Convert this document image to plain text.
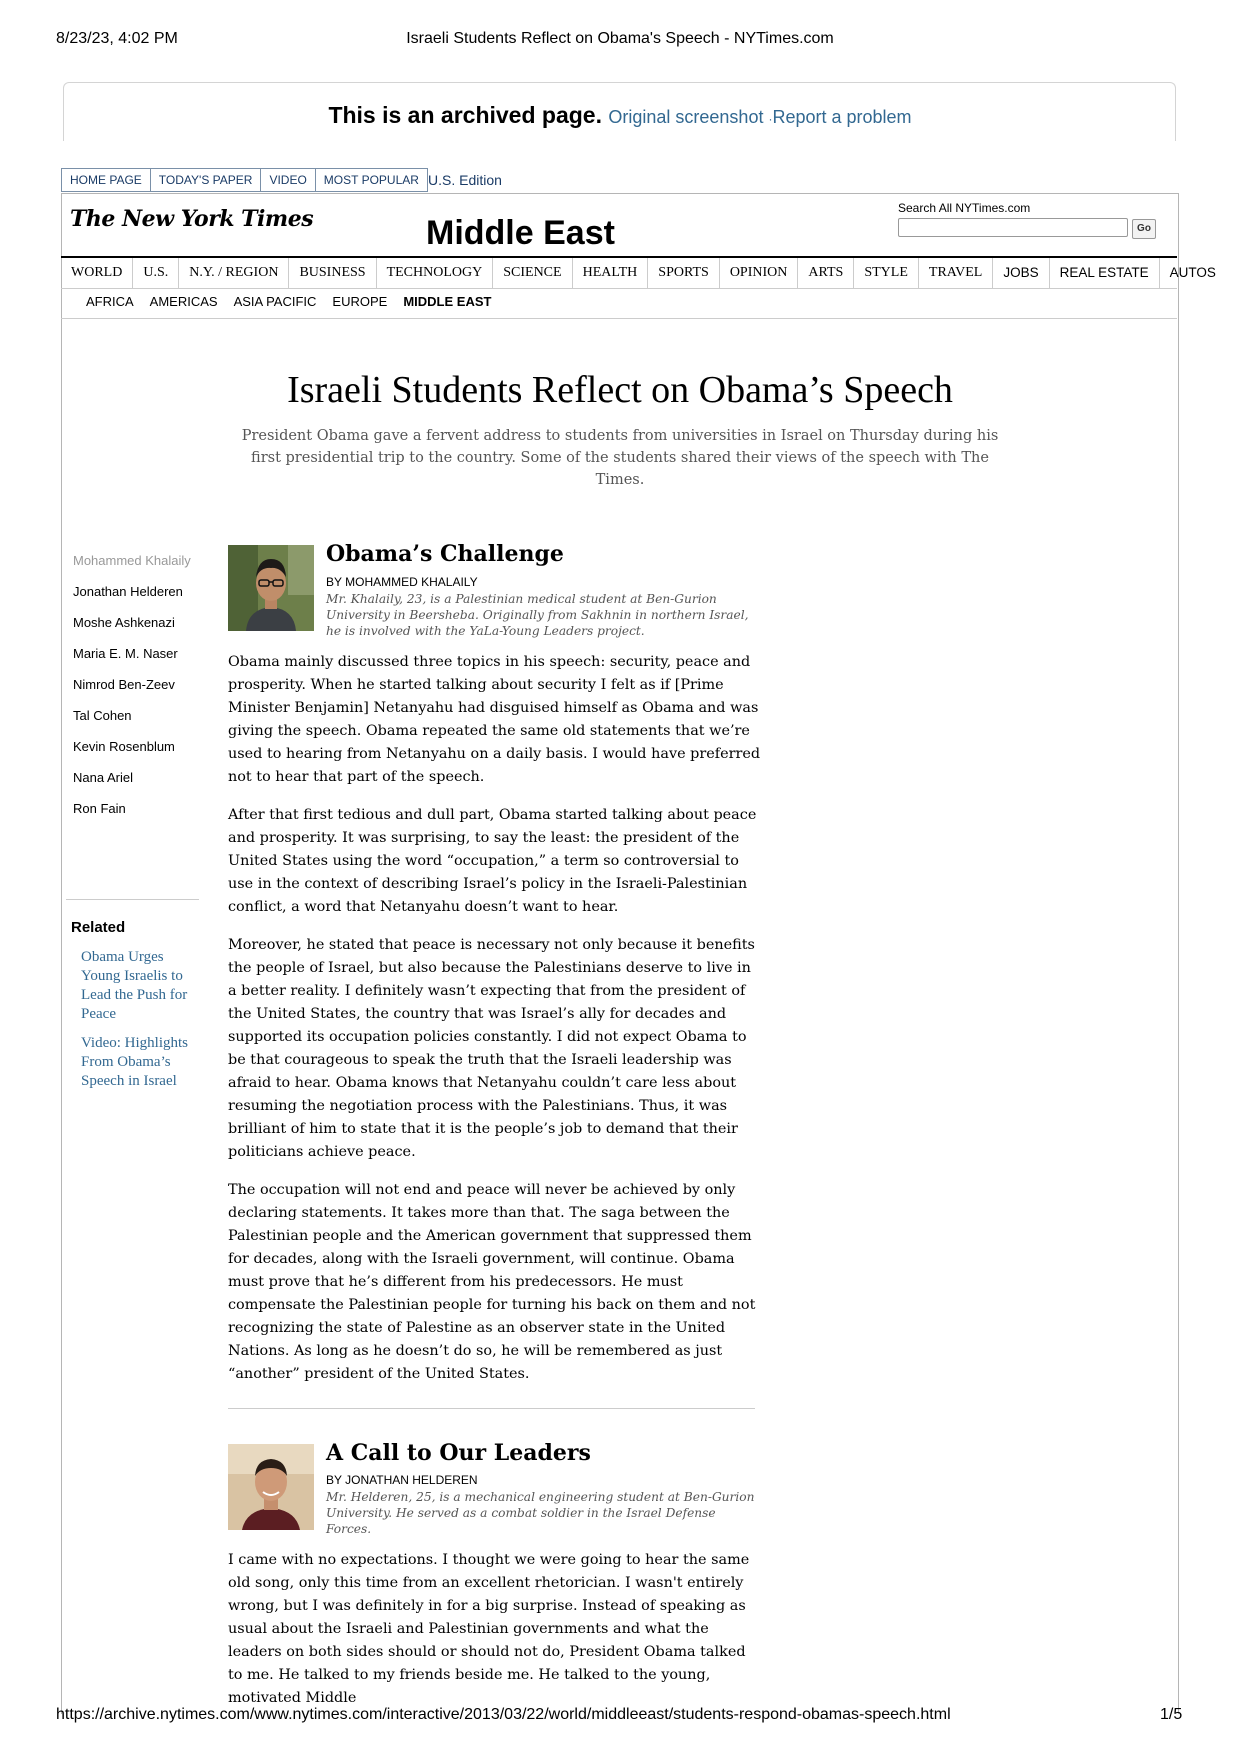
8/23/23, 4:02 PM	Israeli Students Reflect on Obama's Speech - NYTimes.com
This is an archived page. Original screenshot ·Report a problem
HOME PAGE	TODAY'S PAPER	VIDEO	MOST POPULAR U.S. Edition
The New York Times	Middle East
Search All NYTimes.com
Go
WORLD	U.S.	N.Y. / REGION	BUSINESS	TECHNOLOGY	SCIENCE	HEALTH	SPORTS	OPINION	ARTS	STYLE	TRAVEL	JOBS	REAL ESTATE	AUTOS
AFRICA AMERICAS ASIA PACIFIC EUROPE MIDDLE EAST
Israeli Students Reflect on Obama’s Speech
President Obama gave a fervent address to students from universities in Israel on Thursday during his first presidential trip to the country. Some of the students shared their views of the speech with The Times.
Mohammed Khalaily
Jonathan Helderen
Moshe Ashkenazi
Maria E. M. Naser
Nimrod Ben-Zeev
Tal Cohen
Kevin Rosenblum
Nana Ariel
Ron Fain
Related
Obama Urges Young Israelis to Lead the Push for Peace
Video: Highlights From Obama’s Speech in Israel
Obama’s Challenge
BY MOHAMMED KHALAILY
Mr. Khalaily, 23, is a Palestinian medical student at Ben-Gurion University in Beersheba. Originally from Sakhnin in northern Israel, he is involved with the YaLa-Young Leaders project.

Obama mainly discussed three topics in his speech: security, peace and prosperity. When he started talking about security I felt as if [Prime Minister Benjamin] Netanyahu had disguised himself as Obama and was giving the speech. Obama repeated the same old statements that we’re used to hearing from Netanyahu on a daily basis. I would have preferred not to hear that part of the speech.

After that first tedious and dull part, Obama started talking about peace and prosperity. It was surprising, to say the least: the president of the United States using the word “occupation,” a term so controversial to use in the context of describing Israel’s policy in the Israeli-Palestinian conflict, a word that Netanyahu doesn’t want to hear.

Moreover, he stated that peace is necessary not only because it benefits the people of Israel, but also because the Palestinians deserve to live in a better reality. I definitely wasn’t expecting that from the president of the United States, the country that was Israel’s ally for decades and supported its occupation policies constantly. I did not expect Obama to be that courageous to speak the truth that the Israeli leadership was afraid to hear. Obama knows that Netanyahu couldn’t care less about resuming the negotiation process with the Palestinians. Thus, it was brilliant of him to state that it is the people’s job to demand that their politicians achieve peace.

The occupation will not end and peace will never be achieved by only declaring statements. It takes more than that. The saga between the Palestinian people and the American government that suppressed them for decades, along with the Israeli government, will continue. Obama must prove that he’s different from his predecessors. He must compensate the Palestinian people for turning his back on them and not recognizing the state of Palestine as an observer state in the United Nations. As long as he doesn’t do so, he will be remembered as just “another” president of the United States.

A Call to Our Leaders
BY JONATHAN HELDEREN
Mr. Helderen, 25, is a mechanical engineering student at Ben-Gurion University. He served as a combat soldier in the Israel Defense Forces.

I came with no expectations. I thought we were going to hear the same old song, only this time from an excellent rhetorician. I wasn't entirely wrong, but I was definitely in for a big surprise. Instead of speaking as usual about the Israeli and Palestinian governments and what the leaders on both sides should or should not do, President Obama talked to me. He talked to my friends beside me. He talked to the young, motivated Middle

https://archive.nytimes.com/www.nytimes.com/interactive/2013/03/22/world/middleeast/students-respond-obamas-speech.html	1/5
